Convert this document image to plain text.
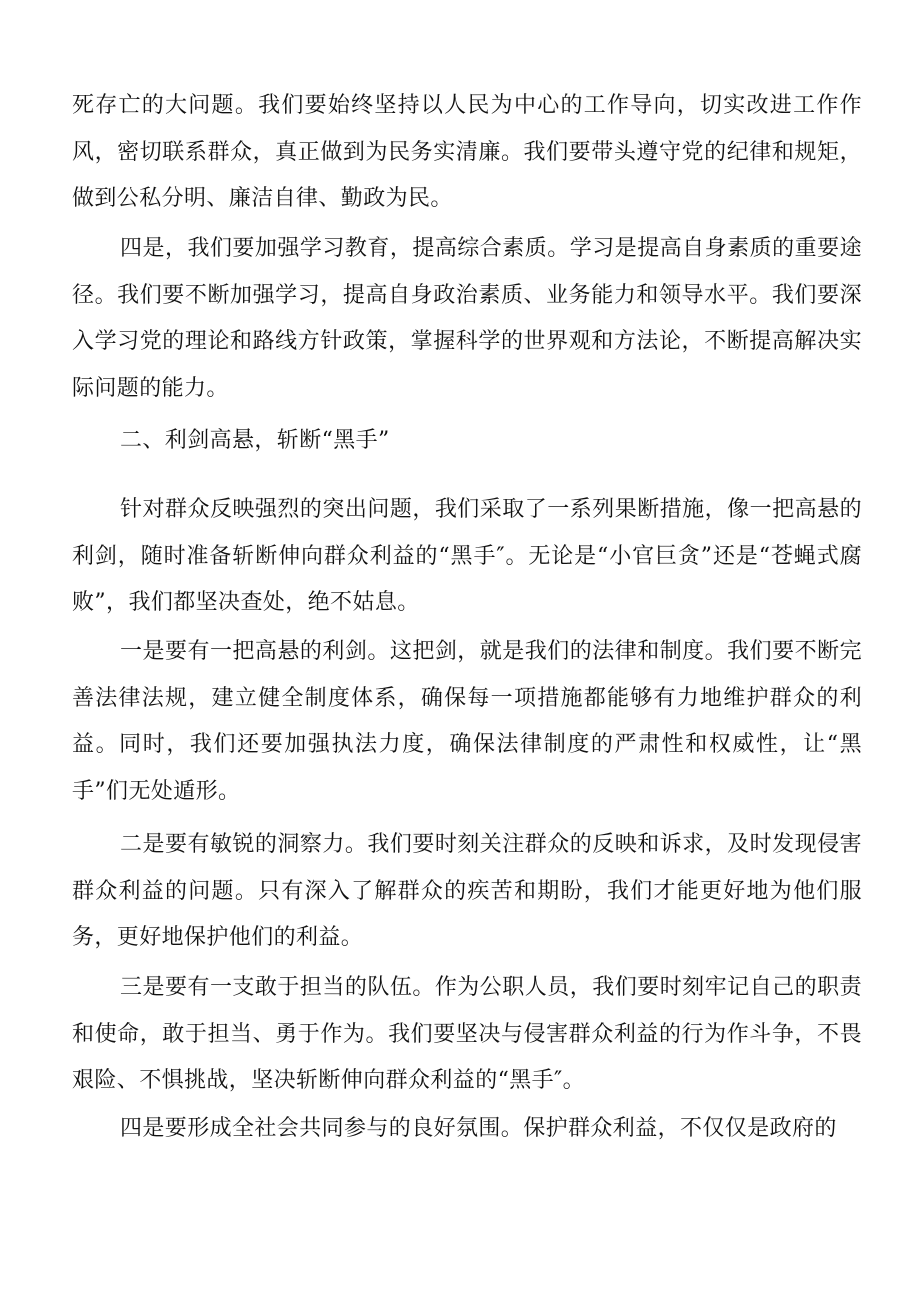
死存亡的大问题。我们要始终坚持以人民为中心的工作导向，切实改进工作作风，密切联系群众，真正做到为民务实清廉。我们要带头遵守党的纪律和规矩，做到公私分明、廉洁自律、勤政为民。

四是，我们要加强学习教育，提高综合素质。学习是提高自身素质的重要途径。我们要不断加强学习，提高自身政治素质、业务能力和领导水平。我们要深入学习党的理论和路线方针政策，掌握科学的世界观和方法论，不断提高解决实际问题的能力。

二、利剑高悬，斩断“黑手”

针对群众反映强烈的突出问题，我们采取了一系列果断措施，像一把高悬的利剑，随时准备斩断伸向群众利益的“黑手″。无论是“小官巨贪”还是“苍蝇式腐败”，我们都坚决查处，绝不姑息。

一是要有一把高悬的利剑。这把剑，就是我们的法律和制度。我们要不断完善法律法规，建立健全制度体系，确保每一项措施都能够有力地维护群众的利益。同时，我们还要加强执法力度，确保法律制度的严肃性和权威性，让“黑手”们无处遁形。

二是要有敏锐的洞察力。我们要时刻关注群众的反映和诉求，及时发现侵害群众利益的问题。只有深入了解群众的疾苦和期盼，我们才能更好地为他们服务，更好地保护他们的利益。

三是要有一支敢于担当的队伍。作为公职人员，我们要时刻牢记自己的职责和使命，敢于担当、勇于作为。我们要坚决与侵害群众利益的行为作斗争，不畏艰险、不惧挑战，坚决斩断伸向群众利益的“黑手″。

四是要形成全社会共同参与的良好氛围。保护群众利益，不仅仅是政府的
